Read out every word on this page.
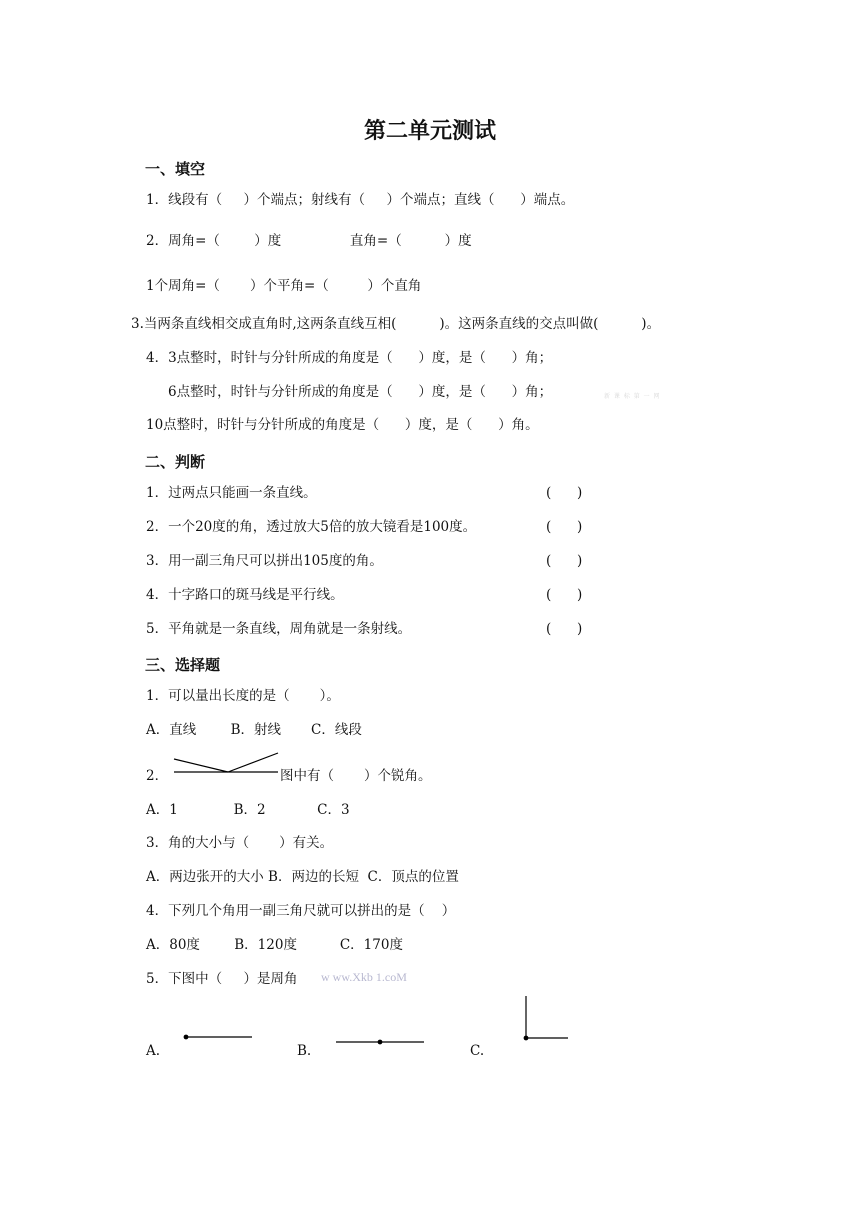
第二单元测试
一、填空
1．线段有（     ）个端点；射线有（     ）个端点；直线（      ）端点。
2．周角=（        ）度                直角=（          ）度
1个周角=（       ）个平角=（         ）个直角
3.当两条直线相交成直角时,这两条直线互相(          )。这两条直线的交点叫做(          )。
4．3点整时，时针与分针所成的角度是（      ）度，是（      ）角；
6点整时，时针与分针所成的角度是（      ）度，是（      ）角；	新 课 标 第 一 网
10点整时，时针与分针所成的角度是（      ）度，是（      ）角。
二、判断
1．过两点只能画一条直线。	(      )
2．一个20度的角，透过放大5倍的放大镜看是100度。	(      )
3．用一副三角尺可以拼出105度的角。	(      )
4．十字路口的斑马线是平行线。	(      )
5．平角就是一条直线，周角就是一条射线。	(      )
三、选择题
1．可以量出长度的是（       ）。
A．直线        B．射线       C．线段
2．	图中有（       ）个锐角。
A．1             B．2            C．3
3．角的大小与（       ）有关。
A．两边张开的大小 B．两边的长短  C．顶点的位置
4．下列几个角用一副三角尺就可以拼出的是（    ）
A．80度        B．120度          C．170度
5．下图中（     ）是周角 w ww.Xkb 1.coM
A.	B.	C.
